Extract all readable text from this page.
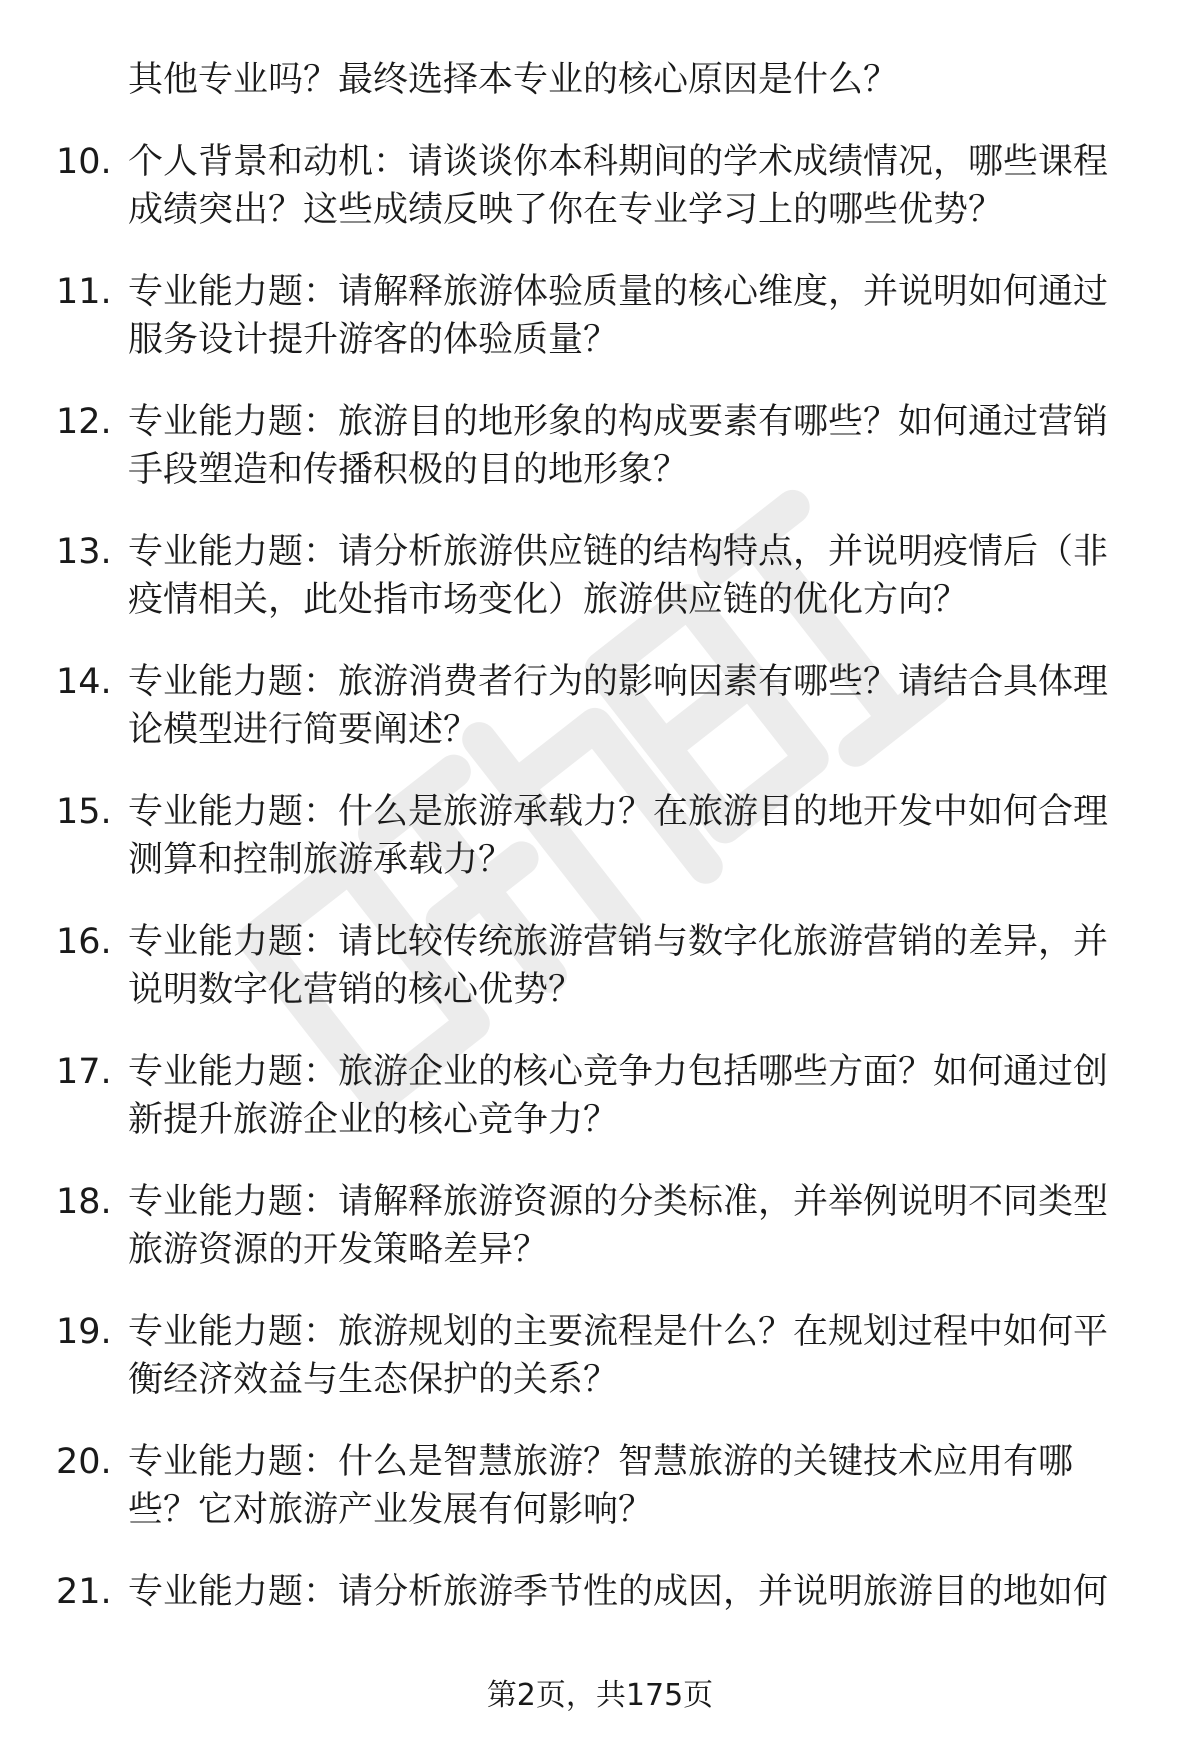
其他专业吗？最终选择本专业的核心原因是什么？
10. 个人背景和动机：请谈谈你本科期间的学术成绩情况，哪些课程
成绩突出？这些成绩反映了你在专业学习上的哪些优势？
11. 专业能力题：请解释旅游体验质量的核心维度，并说明如何通过
服务设计提升游客的体验质量？
12. 专业能力题：旅游目的地形象的构成要素有哪些？如何通过营销
手段塑造和传播积极的目的地形象？
13. 专业能力题：请分析旅游供应链的结构特点，并说明疫情后（非
疫情相关，此处指市场变化）旅游供应链的优化方向？
14. 专业能力题：旅游消费者行为的影响因素有哪些？请结合具体理
论模型进行简要阐述？
15. 专业能力题：什么是旅游承载力？在旅游目的地开发中如何合理
测算和控制旅游承载力？
16. 专业能力题：请比较传统旅游营销与数字化旅游营销的差异，并
说明数字化营销的核心优势？
17. 专业能力题：旅游企业的核心竞争力包括哪些方面？如何通过创
新提升旅游企业的核心竞争力？
18. 专业能力题：请解释旅游资源的分类标准，并举例说明不同类型
旅游资源的开发策略差异？
19. 专业能力题：旅游规划的主要流程是什么？在规划过程中如何平
衡经济效益与生态保护的关系？
20. 专业能力题：什么是智慧旅游？智慧旅游的关键技术应用有哪
些？它对旅游产业发展有何影响？
21. 专业能力题：请分析旅游季节性的成因，并说明旅游目的地如何
第2页，共175页
